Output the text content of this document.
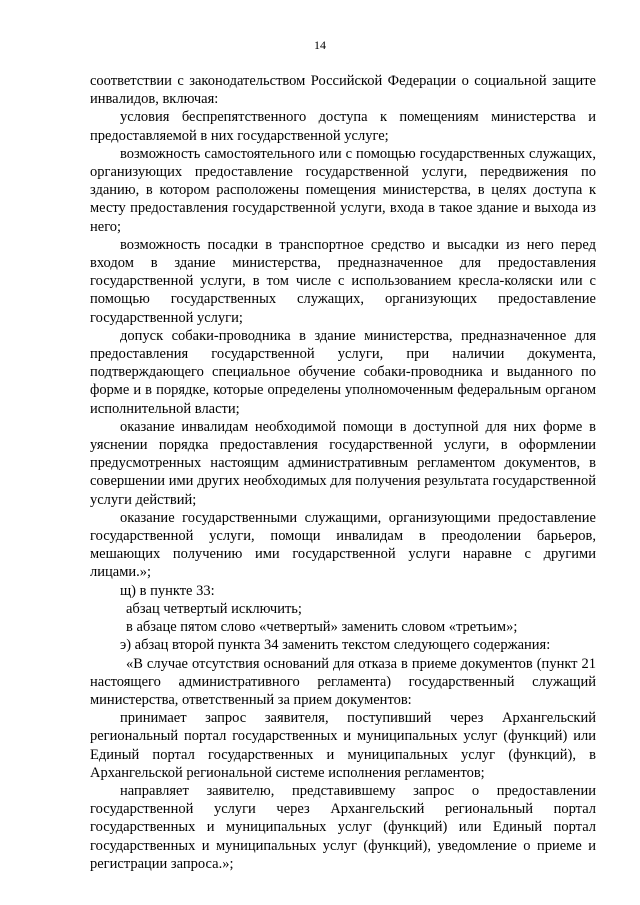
14

соответствии с законодательством Российской Федерации о социальной защите инвалидов, включая:

условия беспрепятственного доступа к помещениям министерства и предоставляемой в них государственной услуге;

возможность самостоятельного или с помощью государственных служащих, организующих предоставление государственной услуги, передвижения по зданию, в котором расположены помещения министерства, в целях доступа к месту предоставления государственной услуги, входа в такое здание и выхода из него;

возможность посадки в транспортное средство и высадки из него перед входом в здание министерства, предназначенное для предоставления государственной услуги, в том числе с использованием кресла-коляски или с помощью государственных служащих, организующих предоставление государственной услуги;

допуск собаки-проводника в здание министерства, предназначенное для предоставления государственной услуги, при наличии документа, подтверждающего специальное обучение собаки-проводника и выданного по форме и в порядке, которые определены уполномоченным федеральным органом исполнительной власти;

оказание инвалидам необходимой помощи в доступной для них форме в уяснении порядка предоставления государственной услуги, в оформлении предусмотренных настоящим административным регламентом документов, в совершении ими других необходимых для получения результата государственной услуги действий;

оказание государственными служащими, организующими предоставление государственной услуги, помощи инвалидам в преодолении барьеров, мешающих получению ими государственной услуги наравне с другими лицами.»;

щ) в пункте 33:

абзац четвертый исключить;

в абзаце пятом слово «четвертый» заменить словом «третьим»;

э) абзац второй пункта 34 заменить текстом следующего содержания:

«В случае отсутствия оснований для отказа в приеме документов (пункт 21 настоящего административного регламента) государственный служащий министерства, ответственный за прием документов:

принимает запрос заявителя, поступивший через Архангельский региональный портал государственных и муниципальных услуг (функций) или Единый портал государственных и муниципальных услуг (функций), в Архангельской региональной системе исполнения регламентов;

направляет заявителю, представившему запрос о предоставлении государственной услуги через Архангельский региональный портал государственных и муниципальных услуг (функций) или Единый портал государственных и муниципальных услуг (функций), уведомление о приеме и регистрации запроса.»;
